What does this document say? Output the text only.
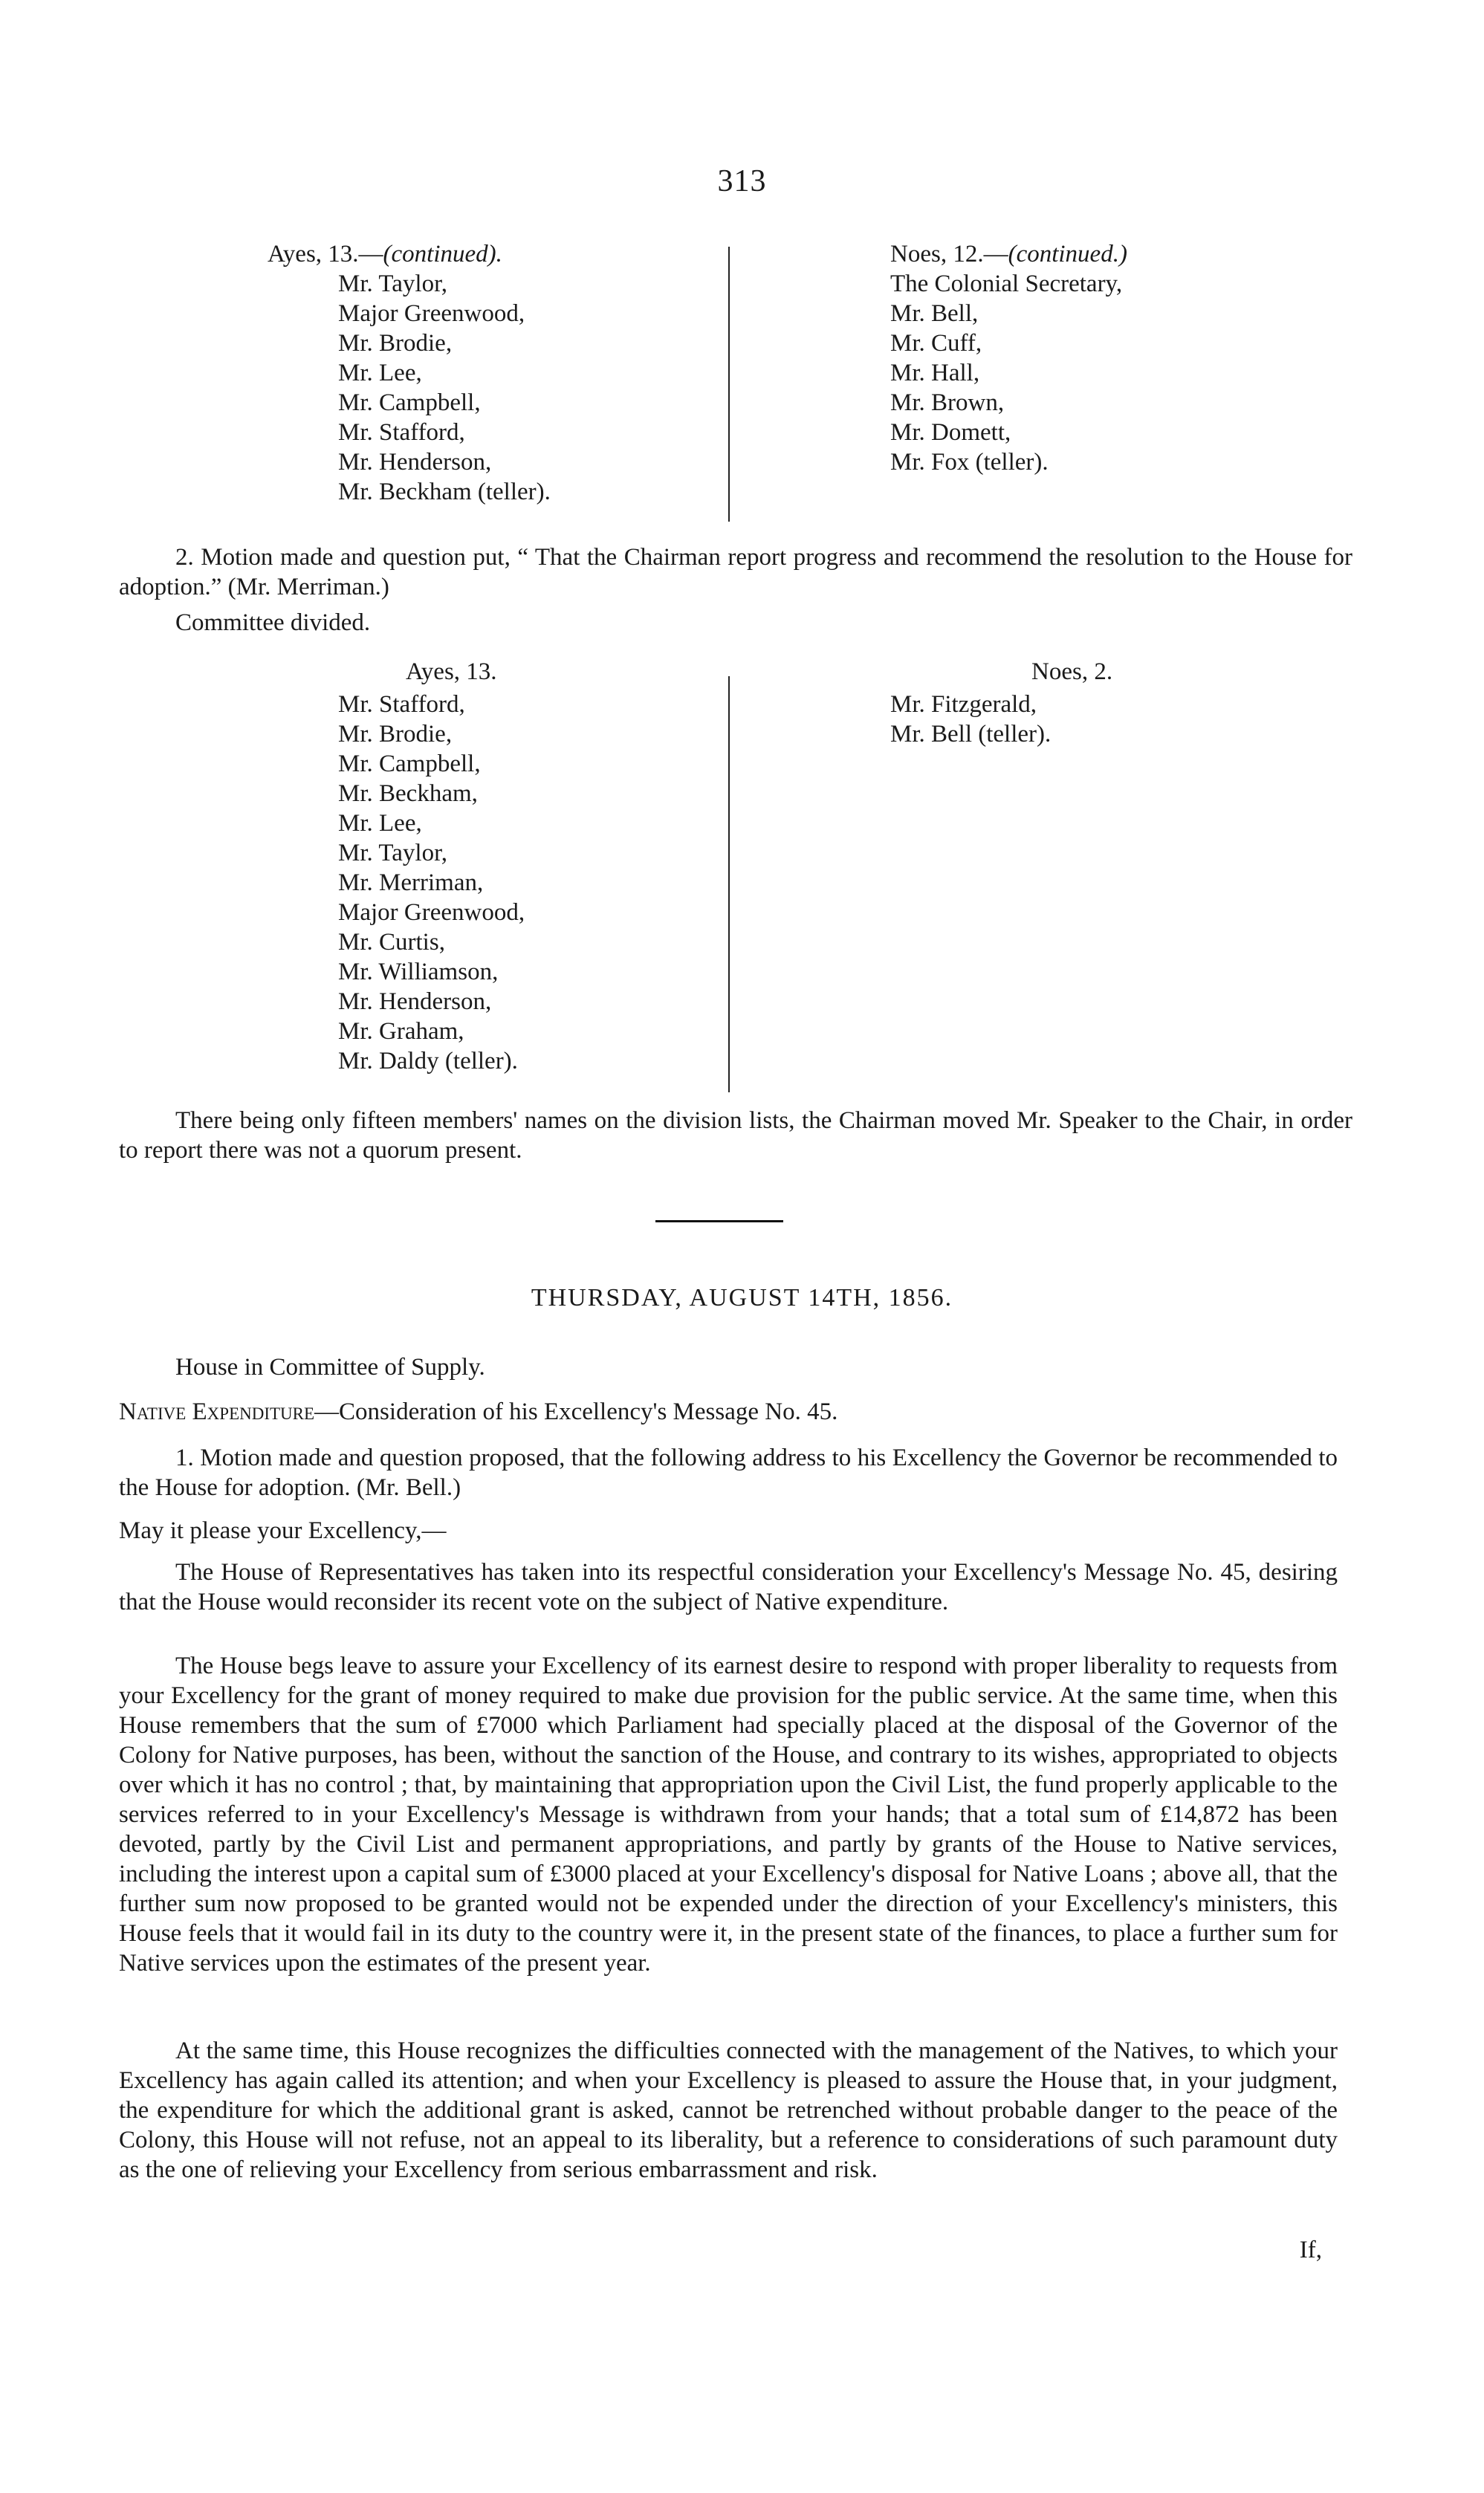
313
Ayes, 13.—(continued).
Mr. Taylor,
Major Greenwood,
Mr. Brodie,
Mr. Lee,
Mr. Campbell,
Mr. Stafford,
Mr. Henderson,
Mr. Beckham (teller).
Noes, 12.—(continued.)
The Colonial Secretary,
Mr. Bell,
Mr. Cuff,
Mr. Hall,
Mr. Brown,
Mr. Domett,
Mr. Fox (teller).
2. Motion made and question put, “ That the Chairman report progress and recommend the resolution to the House for adoption.” (Mr. Merriman.)
Committee divided.
Ayes, 13.
Mr. Stafford,
Mr. Brodie,
Mr. Campbell,
Mr. Beckham,
Mr. Lee,
Mr. Taylor,
Mr. Merriman,
Major Greenwood,
Mr. Curtis,
Mr. Williamson,
Mr. Henderson,
Mr. Graham,
Mr. Daldy (teller).
Noes, 2.
Mr. Fitzgerald,
Mr. Bell (teller).
There being only fifteen members' names on the division lists, the Chairman moved Mr. Speaker to the Chair, in order to report there was not a quorum present.
THURSDAY, AUGUST 14TH, 1856.
House in Committee of Supply.
Native Expenditure—Consideration of his Excellency's Message No. 45.
1. Motion made and question proposed, that the following address to his Excellency the Governor be recommended to the House for adoption. (Mr. Bell.)
May it please your Excellency,—
The House of Representatives has taken into its respectful consideration your Excellency's Message No. 45, desiring that the House would reconsider its recent vote on the subject of Native expenditure.
The House begs leave to assure your Excellency of its earnest desire to respond with proper liberality to requests from your Excellency for the grant of money required to make due provision for the public service. At the same time, when this House remembers that the sum of £7000 which Parliament had specially placed at the disposal of the Governor of the Colony for Native purposes, has been, without the sanction of the House, and contrary to its wishes, appropriated to objects over which it has no control ; that, by maintaining that appropriation upon the Civil List, the fund properly applicable to the services referred to in your Excellency's Message is withdrawn from your hands; that a total sum of £14,872 has been devoted, partly by the Civil List and permanent appropriations, and partly by grants of the House to Native services, including the interest upon a capital sum of £3000 placed at your Excellency's disposal for Native Loans ; above all, that the further sum now proposed to be granted would not be expended under the direction of your Excellency's ministers, this House feels that it would fail in its duty to the country were it, in the present state of the finances, to place a further sum for Native services upon the estimates of the present year.
At the same time, this House recognizes the difficulties connected with the management of the Natives, to which your Excellency has again called its attention; and when your Excellency is pleased to assure the House that, in your judgment, the expenditure for which the additional grant is asked, cannot be retrenched without probable danger to the peace of the Colony, this House will not refuse, not an appeal to its liberality, but a reference to considerations of such paramount duty as the one of relieving your Excellency from serious embarrassment and risk.
If,
